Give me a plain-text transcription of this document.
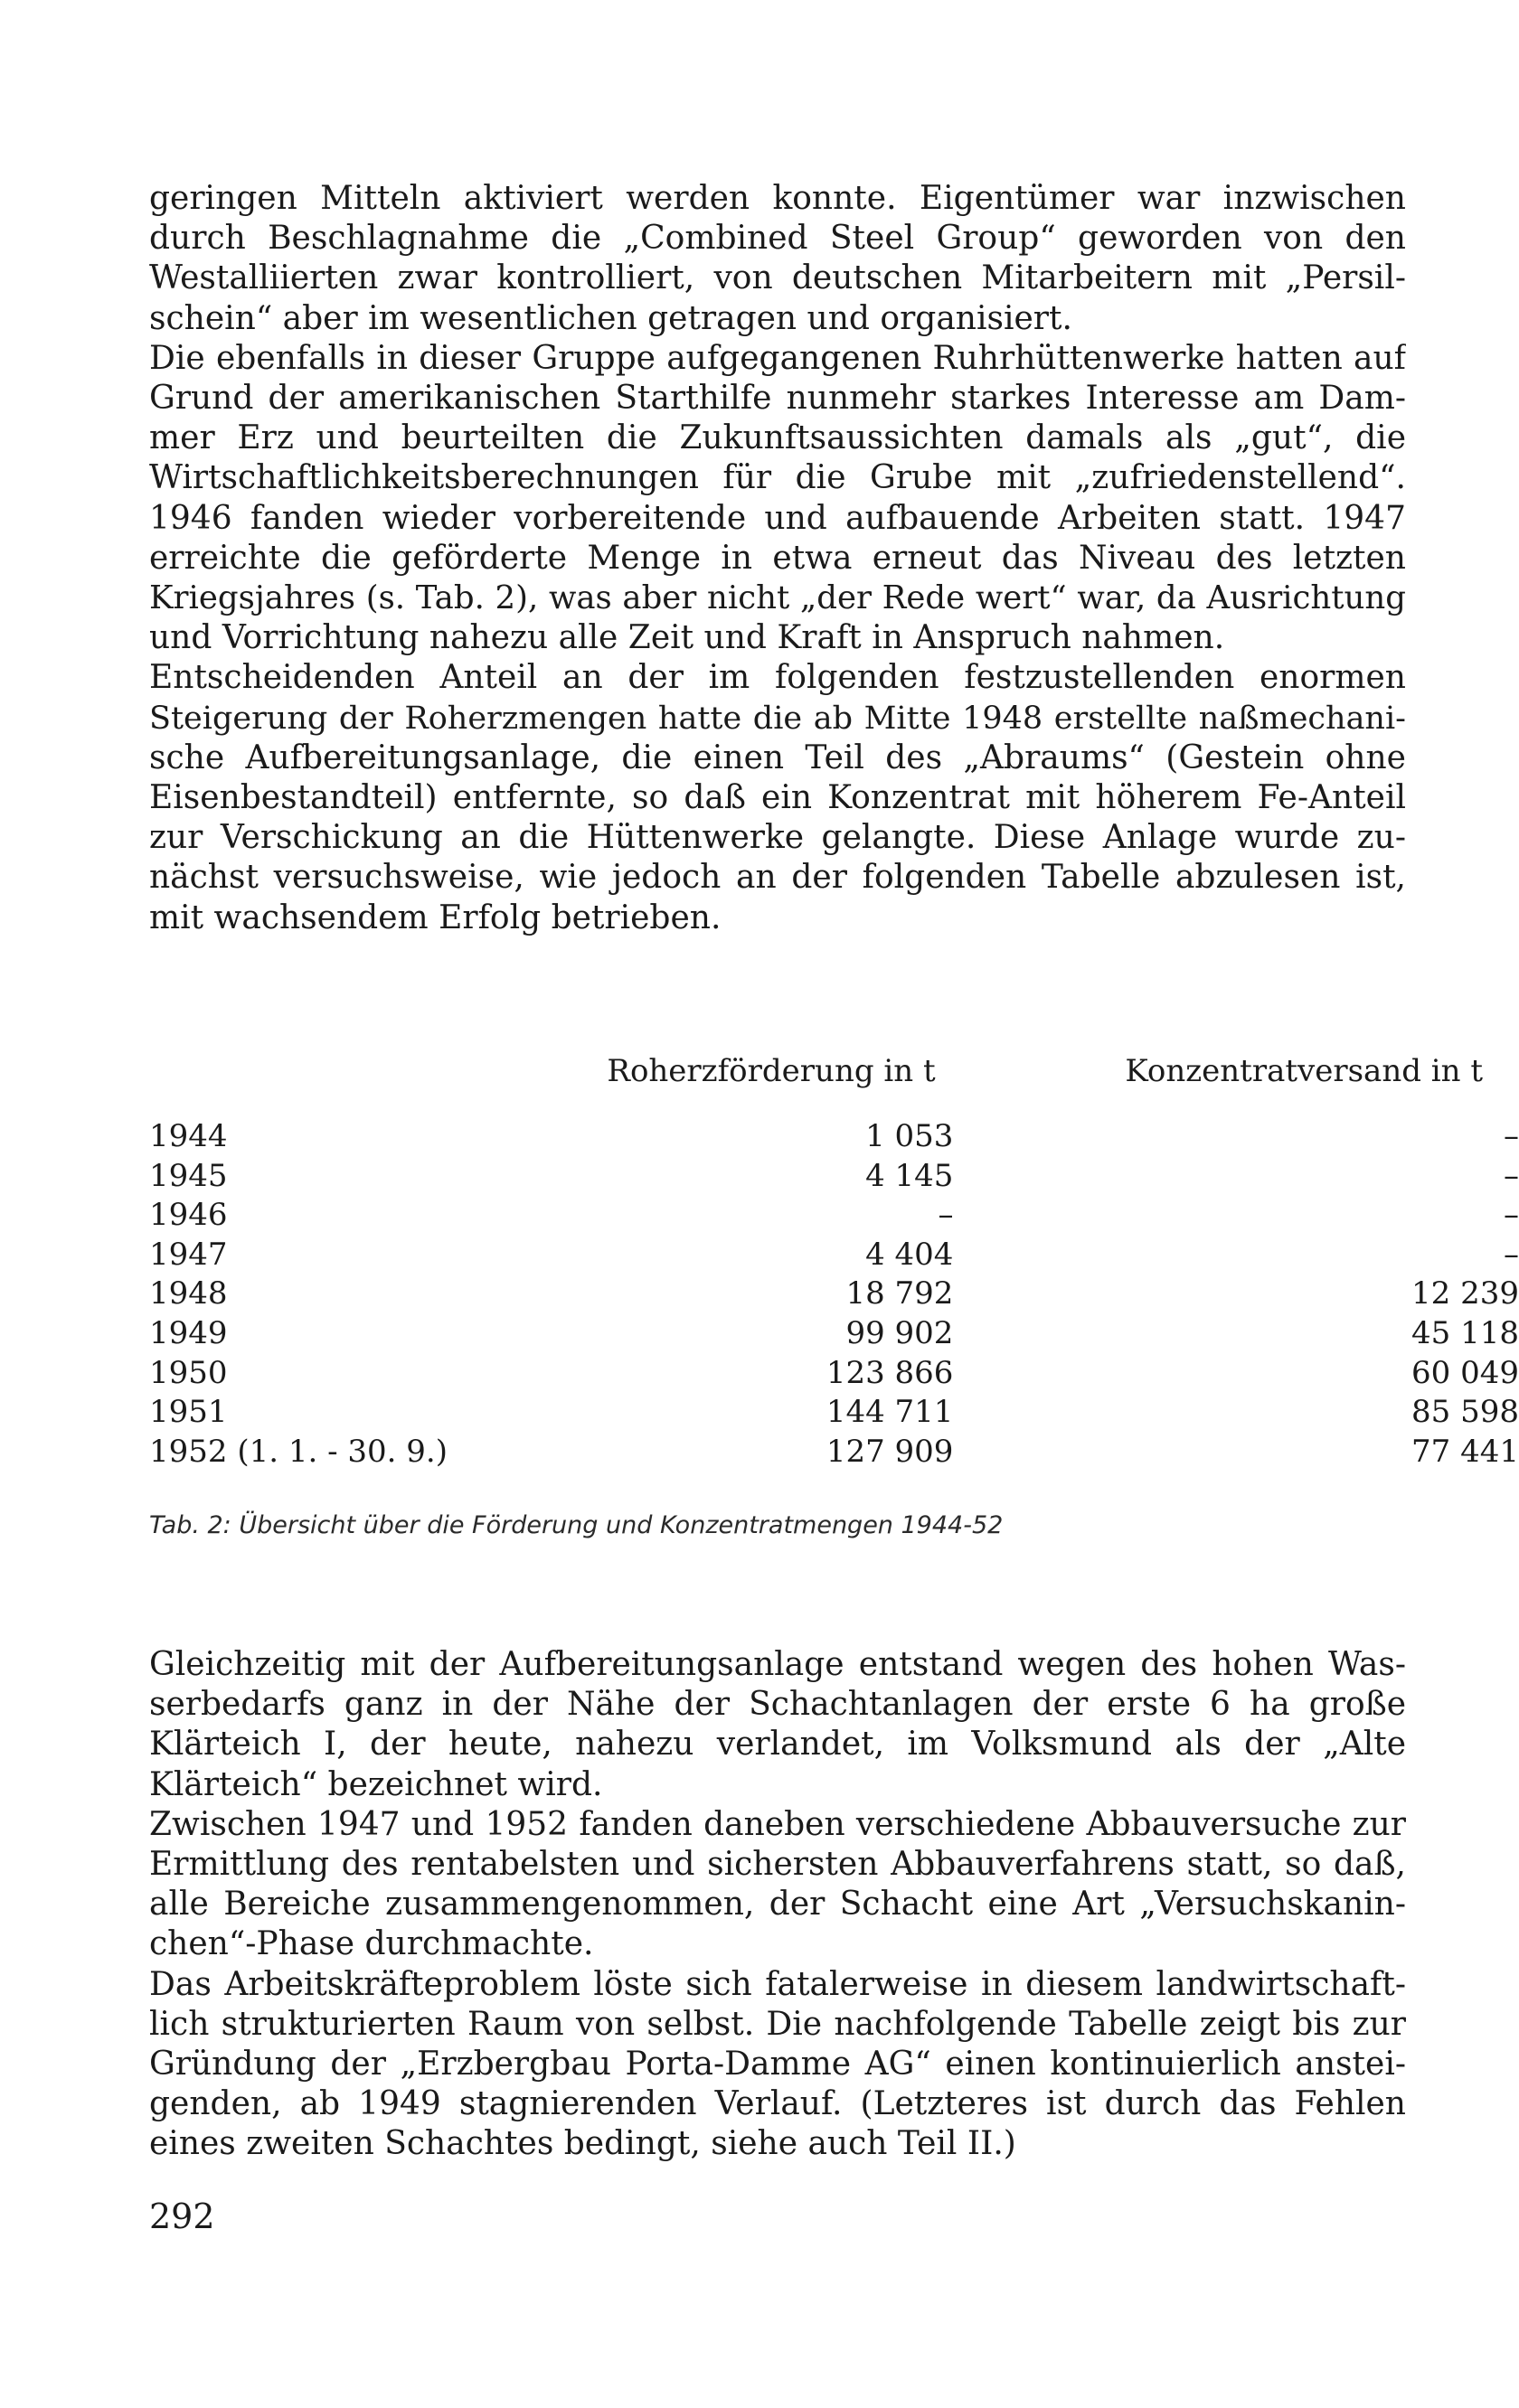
geringen Mitteln aktiviert werden konnte. Eigentümer war inzwischen
durch Beschlagnahme die „Combined Steel Group“ geworden von den
Westalliierten zwar kontrolliert, von deutschen Mitarbeitern mit „Persil-
schein“ aber im wesentlichen getragen und organisiert.

Die ebenfalls in dieser Gruppe aufgegangenen Ruhrhüttenwerke hatten auf
Grund der amerikanischen Starthilfe nunmehr starkes Interesse am Dam-
mer Erz und beurteilten die Zukunftsaussichten damals als „gut“, die
Wirtschaftlichkeitsberechnungen für die Grube mit „zufriedenstellend“.
1946 fanden wieder vorbereitende und aufbauende Arbeiten statt. 1947
erreichte die geförderte Menge in etwa erneut das Niveau des letzten
Kriegsjahres (s. Tab. 2), was aber nicht „der Rede wert“ war, da Ausrichtung
und Vorrichtung nahezu alle Zeit und Kraft in Anspruch nahmen.

Entscheidenden Anteil an der im folgenden festzustellenden enormen
Steigerung der Roherzmengen hatte die ab Mitte 1948 erstellte naßmechani-
sche Aufbereitungsanlage, die einen Teil des „Abraums“ (Gestein ohne
Eisenbestandteil) entfernte, so daß ein Konzentrat mit höherem Fe-Anteil
zur Verschickung an die Hüttenwerke gelangte. Diese Anlage wurde zu-
nächst versuchsweise, wie jedoch an der folgenden Tabelle abzulesen ist,
mit wachsendem Erfolg betrieben.

	Roherzförderung in t	Konzentratversand in t
1944	1 053	–
1945	4 145	–
1946	–	–
1947	4 404	–
1948	18 792	12 239
1949	99 902	45 118
1950	123 866	60 049
1951	144 711	85 598
1952 (1. 1. - 30. 9.)	127 909	77 441
Tab. 2: Übersicht über die Förderung und Konzentratmengen 1944-52

Gleichzeitig mit der Aufbereitungsanlage entstand wegen des hohen Was-
serbedarfs ganz in der Nähe der Schachtanlagen der erste 6 ha große
Klärteich I, der heute, nahezu verlandet, im Volksmund als der „Alte
Klärteich“ bezeichnet wird.

Zwischen 1947 und 1952 fanden daneben verschiedene Abbauversuche zur
Ermittlung des rentabelsten und sichersten Abbauverfahrens statt, so daß,
alle Bereiche zusammengenommen, der Schacht eine Art „Versuchskanin-
chen“-Phase durchmachte.

Das Arbeitskräfteproblem löste sich fatalerweise in diesem landwirtschaft-
lich strukturierten Raum von selbst. Die nachfolgende Tabelle zeigt bis zur
Gründung der „Erzbergbau Porta-Damme AG“ einen kontinuierlich anstei-
genden, ab 1949 stagnierenden Verlauf. (Letzteres ist durch das Fehlen
eines zweiten Schachtes bedingt, siehe auch Teil II.)

292
